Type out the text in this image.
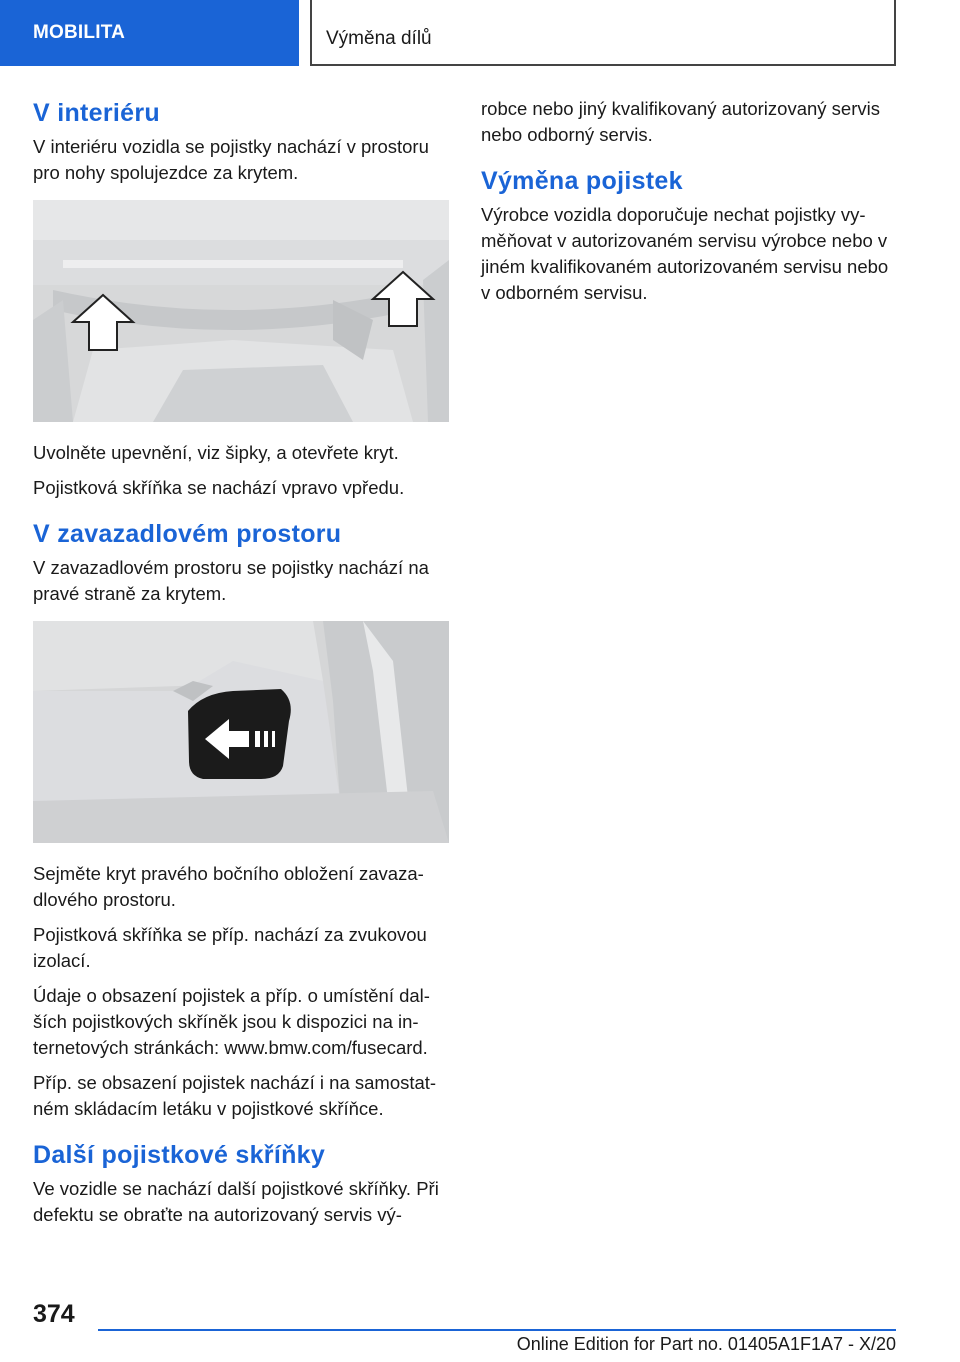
MOBILITA	Výměna dílů
V interiéru

V interiéru vozidla se pojistky nachází v prostoru pro nohy spolujezdce za krytem.

Uvolněte upevnění, viz šipky, a otevřete kryt.

Pojistková skříňka se nachází vpravo vpředu.

V zavazadlovém prostoru

V zavazadlovém prostoru se pojistky nachází na pravé straně za krytem.

Sejměte kryt pravého bočního obložení zavaza-dlového prostoru.

Pojistková skříňka se příp. nachází za zvukovou izolací.

Údaje o obsazení pojistek a příp. o umístění dal-ších pojistkových skříněk jsou k dispozici na in-ternetových stránkách: www.bmw.com/fusecard.

Příp. se obsazení pojistek nachází i na samostat-ném skládacím letáku v pojistkové skříňce.

Další pojistkové skříňky

Ve vozidle se nachází další pojistkové skříňky. Při defektu se obraťte na autorizovaný servis vý-

robce nebo jiný kvalifikovaný autorizovaný servis nebo odborný servis.

Výměna pojistek

Výrobce vozidla doporučuje nechat pojistky vy-měňovat v autorizovaném servisu výrobce nebo v jiném kvalifikovaném autorizovaném servisu nebo v odborném servisu.

374
Online Edition for Part no. 01405A1F1A7 - X/20
